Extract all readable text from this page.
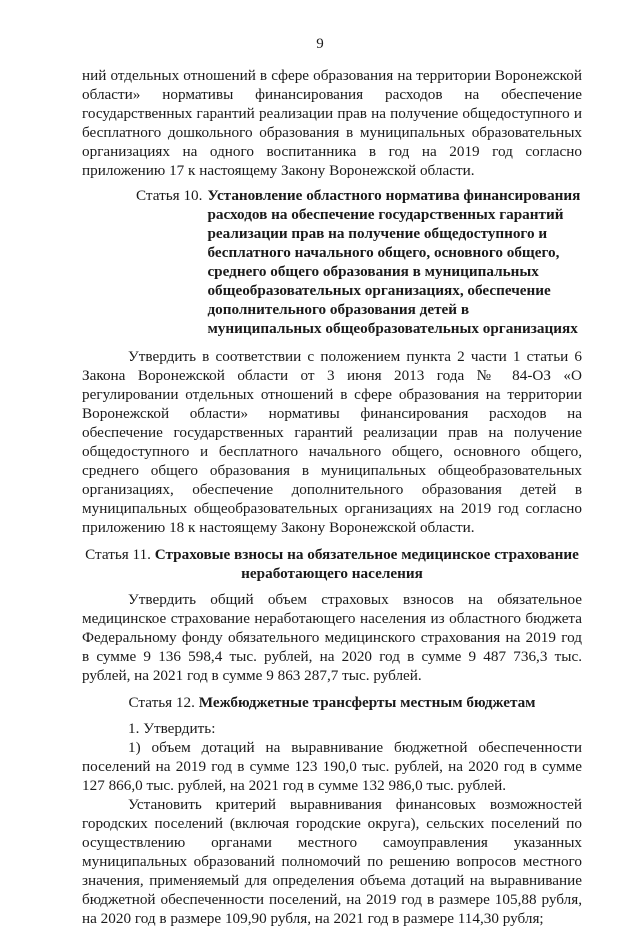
9

ний отдельных отношений в сфере образования на территории Воронежской области» нормативы финансирования расходов на обеспечение государственных гарантий реализации прав на получение общедоступного и бесплатного дошкольного образования в муниципальных образовательных организациях на одного воспитанника в год на 2019 год согласно приложению 17 к настоящему Закону Воронежской области.

Статья 10. Установление областного норматива финансирования расходов на обеспечение государственных гарантий реализации прав на получение общедоступного и бесплатного начального общего, основного общего, среднего общего образования в муниципальных общеобразовательных организациях, обеспечение дополнительного образования детей в муниципальных общеобразовательных организациях

Утвердить в соответствии с положением пункта 2 части 1 статьи 6 Закона Воронежской области от 3 июня 2013 года № 84-ОЗ «О регулировании отдельных отношений в сфере образования на территории Воронежской области» нормативы финансирования расходов на обеспечение государственных гарантий реализации прав на получение общедоступного и бесплатного начального общего, основного общего, среднего общего образования в муниципальных общеобразовательных организациях, обеспечение дополнительного образования детей в муниципальных общеобразовательных организациях на 2019 год согласно приложению 18 к настоящему Закону Воронежской области.

Статья 11. Страховые взносы на обязательное медицинское страхование неработающего населения

Утвердить общий объем страховых взносов на обязательное медицинское страхование неработающего населения из областного бюджета Федеральному фонду обязательного медицинского страхования на 2019 год в сумме 9 136 598,4 тыс. рублей, на 2020 год в сумме 9 487 736,3 тыс. рублей, на 2021 год в сумме 9 863 287,7 тыс. рублей.

Статья 12. Межбюджетные трансферты местным бюджетам

1. Утвердить:

1) объем дотаций на выравнивание бюджетной обеспеченности поселений на 2019 год в сумме 123 190,0 тыс. рублей, на 2020 год в сумме 127 866,0 тыс. рублей, на 2021 год в сумме 132 986,0 тыс. рублей.

Установить критерий выравнивания финансовых возможностей городских поселений (включая городские округа), сельских поселений по осуществлению органами местного самоуправления указанных муниципальных образований полномочий по решению вопросов местного значения, применяемый для определения объема дотаций на выравнивание бюджетной обеспеченности поселений, на 2019 год в размере 105,88 рубля, на 2020 год в размере 109,90 рубля, на 2021 год в размере 114,30 рубля;
